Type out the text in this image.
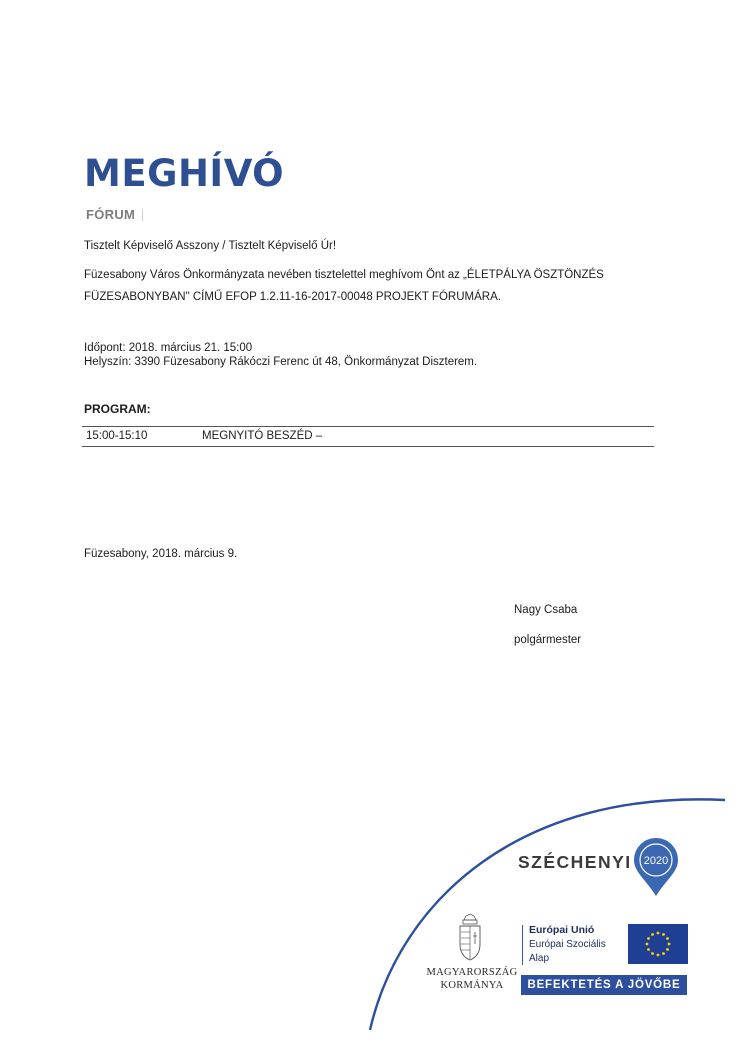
MEGHÍVÓ
FÓRUM
Tisztelt Képviselő Asszony / Tisztelt Képviselő Úr!
Füzesabony Város Önkormányzata nevében tisztelettel meghívom Önt az „ÉLETPÁLYA ÖSZTÖNZÉS
FÜZESABONYBAN" CÍMŰ EFOP 1.2.11-16-2017-00048 PROJEKT FÓRUMÁRA.
Időpont: 2018. március 21. 15:00
Helyszín: 3390 Füzesabony Rákóczi Ferenc út 48, Önkormányzat Diszterem.
PROGRAM:
15:00-15:10	MEGNYITÓ BESZÉD –
Füzesabony, 2018. március 9.
Nagy Csaba
polgármester
SZÉCHENYI 2020
MAGYARORSZÁG
KORMÁNYA
Európai Unió
Európai Szociális
Alap
BEFEKTETÉS A JÖVŐBE
